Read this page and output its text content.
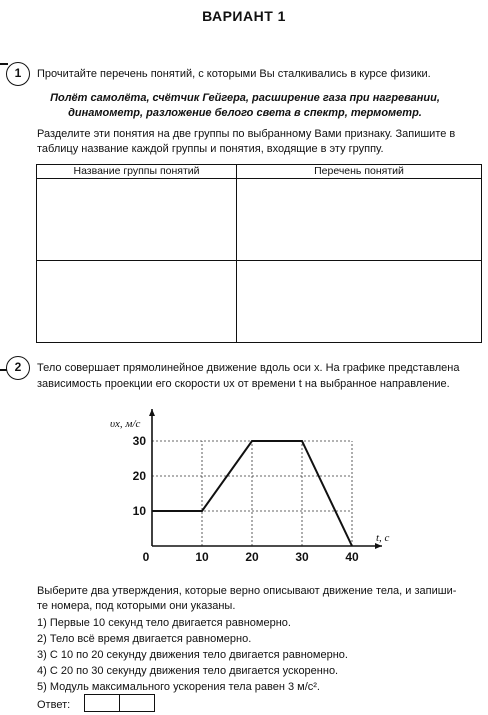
ВАРИАНТ 1
1	Прочитайте перечень понятий, с которыми Вы сталкивались в курсе физики.
Полёт самолёта, счётчик Гейгера, расширение газа при нагревании,
динамометр, разложение белого света в спектр, термометр.
Разделите эти понятия на две группы по выбранному Вами признаку. Запишите в
таблицу название каждой группы и понятия, входящие в эту группу.
Название группы понятий	Перечень понятий

2	Тело совершает прямолинейное движение вдоль оси x. На графике представлена
зависимость проекции его скорости υx от времени t на выбранное направление.
0	10	20	30	40
10
20
30
t, с
υx, м/с
Выберите два утверждения, которые верно описывают движение тела, и запиши-
те номера, под которыми они указаны.
1) Первые 10 секунд тело двигается равномерно.
2) Тело всё время двигается равномерно.
3) С 10 по 20 секунду движения тело двигается равномерно.
4) С 20 по 30 секунду движения тело двигается ускоренно.
5) Модуль максимального ускорения тела равен 3 м/с².
Ответ:
